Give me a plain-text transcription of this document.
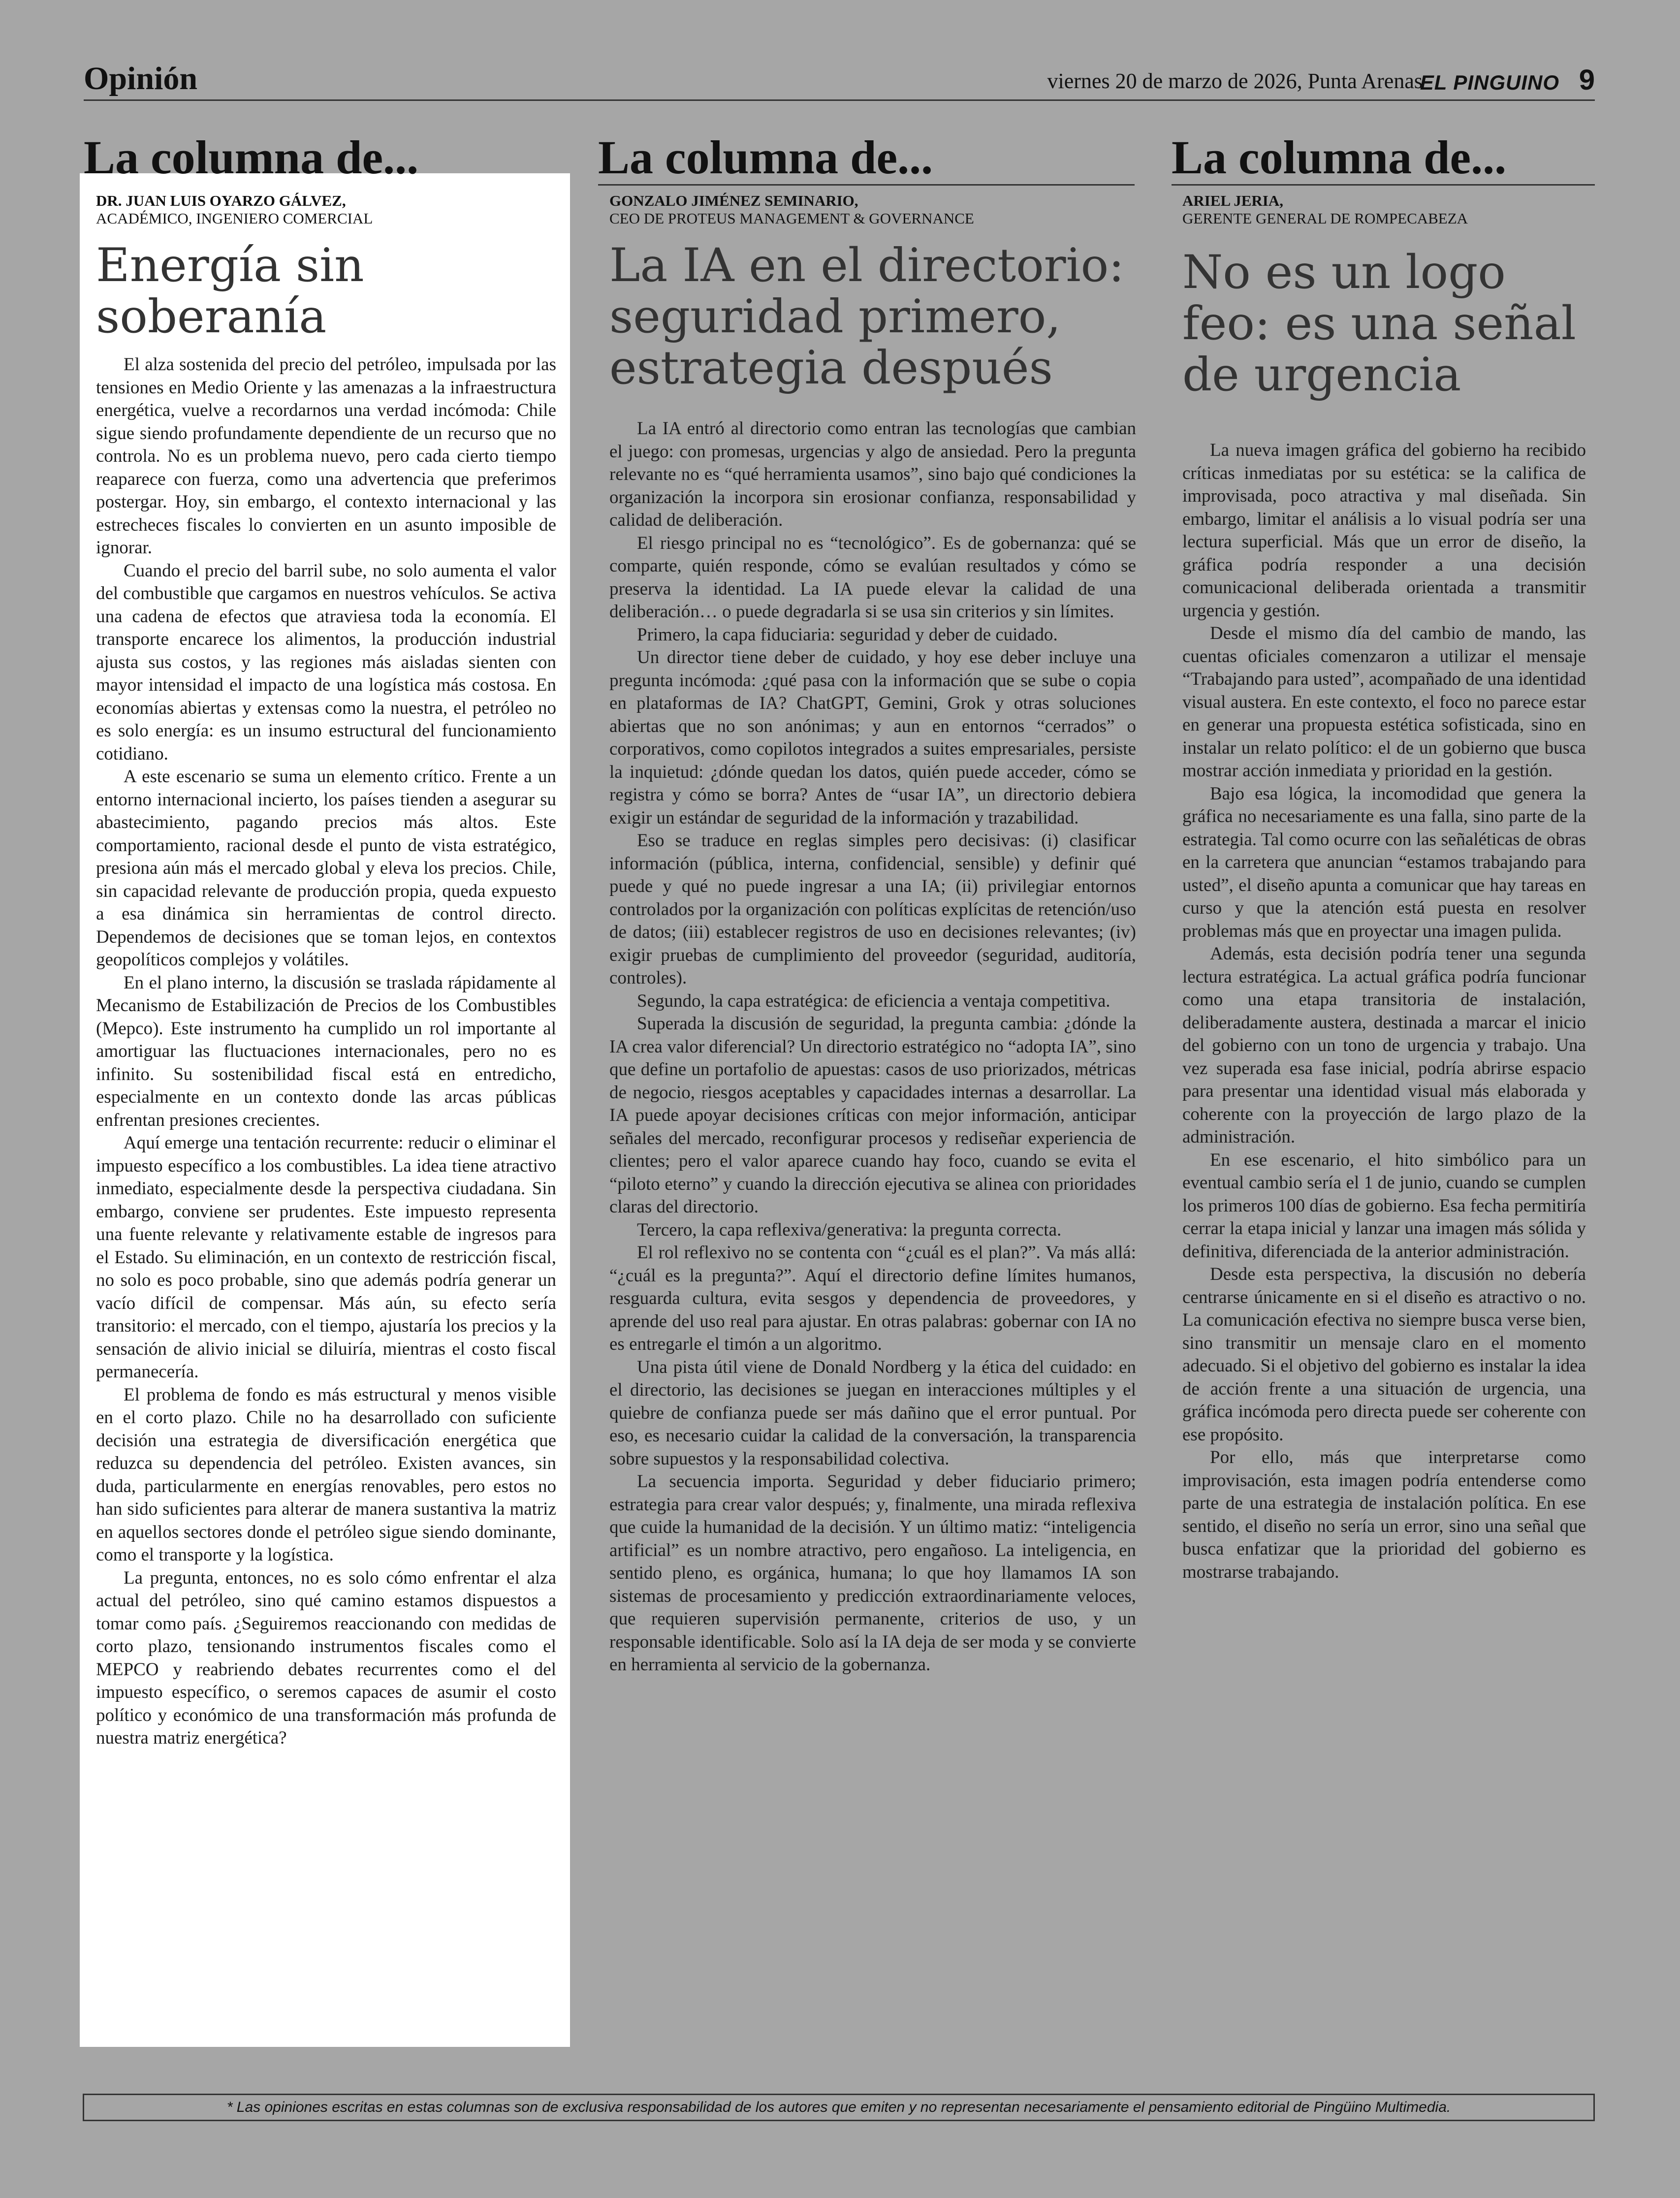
Opinión	viernes 20 de marzo de 2026, Punta Arenas
EL PINGUINO 9
La columna de...
DR. JUAN LUIS OYARZO GÁLVEZ,
ACADÉMICO, INGENIERO COMERCIAL
Energía sin soberanía

El alza sostenida del precio del petróleo, impulsada por las tensiones en Medio Oriente y las amenazas a la infraestructura energética, vuelve a recordarnos una verdad incómoda: Chile sigue siendo profundamente dependiente de un recurso que no controla. No es un problema nuevo, pero cada cierto tiempo reaparece con fuerza, como una advertencia que preferimos postergar. Hoy, sin embargo, el contexto internacional y las estrecheces fiscales lo convierten en un asunto imposible de ignorar.

Cuando el precio del barril sube, no solo aumenta el valor del combustible que cargamos en nuestros vehículos. Se activa una cadena de efectos que atraviesa toda la economía. El transporte encarece los alimentos, la producción industrial ajusta sus costos, y las regiones más aisladas sienten con mayor intensidad el impacto de una logística más costosa. En economías abiertas y extensas como la nuestra, el petróleo no es solo energía: es un insumo estructural del funcionamiento cotidiano.

A este escenario se suma un elemento crítico. Frente a un entorno internacional incierto, los países tienden a asegurar su abastecimiento, pagando precios más altos. Este comportamiento, racional desde el punto de vista estratégico, presiona aún más el mercado global y eleva los precios. Chile, sin capacidad relevante de producción propia, queda expuesto a esa dinámica sin herramientas de control directo. Dependemos de decisiones que se toman lejos, en contextos geopolíticos complejos y volátiles.

En el plano interno, la discusión se traslada rápidamente al Mecanismo de Estabilización de Precios de los Combustibles (Mepco). Este instrumento ha cumplido un rol importante al amortiguar las fluctuaciones internacionales, pero no es infinito. Su sostenibilidad fiscal está en entredicho, especialmente en un contexto donde las arcas públicas enfrentan presiones crecientes.

Aquí emerge una tentación recurrente: reducir o eliminar el impuesto específico a los combustibles. La idea tiene atractivo inmediato, especialmente desde la perspectiva ciudadana. Sin embargo, conviene ser prudentes. Este impuesto representa una fuente relevante y relativamente estable de ingresos para el Estado. Su eliminación, en un contexto de restricción fiscal, no solo es poco probable, sino que además podría generar un vacío difícil de compensar. Más aún, su efecto sería transitorio: el mercado, con el tiempo, ajustaría los precios y la sensación de alivio inicial se diluiría, mientras el costo fiscal permanecería.

El problema de fondo es más estructural y menos visible en el corto plazo. Chile no ha desarrollado con suficiente decisión una estrategia de diversificación energética que reduzca su dependencia del petróleo. Existen avances, sin duda, particularmente en energías renovables, pero estos no han sido suficientes para alterar de manera sustantiva la matriz en aquellos sectores donde el petróleo sigue siendo dominante, como el transporte y la logística.

La pregunta, entonces, no es solo cómo enfrentar el alza actual del petróleo, sino qué camino estamos dispuestos a tomar como país. ¿Seguiremos reaccionando con medidas de corto plazo, tensionando instrumentos fiscales como el MEPCO y reabriendo debates recurrentes como el del impuesto específico, o seremos capaces de asumir el costo político y económico de una transformación más profunda de nuestra matriz energética?

La columna de...
GONZALO JIMÉNEZ SEMINARIO,
CEO DE PROTEUS MANAGEMENT & GOVERNANCE
La IA en el directorio: seguridad primero, estrategia después

La IA entró al directorio como entran las tecnologías que cambian el juego: con promesas, urgencias y algo de ansiedad. Pero la pregunta relevante no es “qué herramienta usamos”, sino bajo qué condiciones la organización la incorpora sin erosionar confianza, responsabilidad y calidad de deliberación.

El riesgo principal no es “tecnológico”. Es de gobernanza: qué se comparte, quién responde, cómo se evalúan resultados y cómo se preserva la identidad. La IA puede elevar la calidad de una deliberación… o puede degradarla si se usa sin criterios y sin límites.

Primero, la capa fiduciaria: seguridad y deber de cuidado.

Un director tiene deber de cuidado, y hoy ese deber incluye una pregunta incómoda: ¿qué pasa con la información que se sube o copia en plataformas de IA? ChatGPT, Gemini, Grok y otras soluciones abiertas que no son anónimas; y aun en entornos “cerrados” o corporativos, como copilotos integrados a suites empresariales, persiste la inquietud: ¿dónde quedan los datos, quién puede acceder, cómo se registra y cómo se borra? Antes de “usar IA”, un directorio debiera exigir un estándar de seguridad de la información y trazabilidad.

Eso se traduce en reglas simples pero decisivas: (i) clasificar información (pública, interna, confidencial, sensible) y definir qué puede y qué no puede ingresar a una IA; (ii) privilegiar entornos controlados por la organización con políticas explícitas de retención/uso de datos; (iii) establecer registros de uso en decisiones relevantes; (iv) exigir pruebas de cumplimiento del proveedor (seguridad, auditoría, controles).

Segundo, la capa estratégica: de eficiencia a ventaja competitiva.

Superada la discusión de seguridad, la pregunta cambia: ¿dónde la IA crea valor diferencial? Un directorio estratégico no “adopta IA”, sino que define un portafolio de apuestas: casos de uso priorizados, métricas de negocio, riesgos aceptables y capacidades internas a desarrollar. La IA puede apoyar decisiones críticas con mejor información, anticipar señales del mercado, reconfigurar procesos y rediseñar experiencia de clientes; pero el valor aparece cuando hay foco, cuando se evita el “piloto eterno” y cuando la dirección ejecutiva se alinea con prioridades claras del directorio.

Tercero, la capa reflexiva/generativa: la pregunta correcta.

El rol reflexivo no se contenta con “¿cuál es el plan?”. Va más allá: “¿cuál es la pregunta?”. Aquí el directorio define límites humanos, resguarda cultura, evita sesgos y dependencia de proveedores, y aprende del uso real para ajustar. En otras palabras: gobernar con IA no es entregarle el timón a un algoritmo.

Una pista útil viene de Donald Nordberg y la ética del cuidado: en el directorio, las decisiones se juegan en interacciones múltiples y el quiebre de confianza puede ser más dañino que el error puntual. Por eso, es necesario cuidar la calidad de la conversación, la transparencia sobre supuestos y la responsabilidad colectiva.

La secuencia importa. Seguridad y deber fiduciario primero; estrategia para crear valor después; y, finalmente, una mirada reflexiva que cuide la humanidad de la decisión. Y un último matiz: “inteligencia artificial” es un nombre atractivo, pero engañoso. La inteligencia, en sentido pleno, es orgánica, humana; lo que hoy llamamos IA son sistemas de procesamiento y predicción extraordinariamente veloces, que requieren supervisión permanente, criterios de uso, y un responsable identificable. Solo así la IA deja de ser moda y se convierte en herramienta al servicio de la gobernanza.

La columna de...
ARIEL JERIA,
GERENTE GENERAL DE ROMPECABEZA
No es un logo feo: es una señal de urgencia

La nueva imagen gráfica del gobierno ha recibido críticas inmediatas por su estética: se la califica de improvisada, poco atractiva y mal diseñada. Sin embargo, limitar el análisis a lo visual podría ser una lectura superficial. Más que un error de diseño, la gráfica podría responder a una decisión comunicacional deliberada orientada a transmitir urgencia y gestión.

Desde el mismo día del cambio de mando, las cuentas oficiales comenzaron a utilizar el mensaje “Trabajando para usted”, acompañado de una identidad visual austera. En este contexto, el foco no parece estar en generar una propuesta estética sofisticada, sino en instalar un relato político: el de un gobierno que busca mostrar acción inmediata y prioridad en la gestión.

Bajo esa lógica, la incomodidad que genera la gráfica no necesariamente es una falla, sino parte de la estrategia. Tal como ocurre con las señaléticas de obras en la carretera que anuncian “estamos trabajando para usted”, el diseño apunta a comunicar que hay tareas en curso y que la atención está puesta en resolver problemas más que en proyectar una imagen pulida.

Además, esta decisión podría tener una segunda lectura estratégica. La actual gráfica podría funcionar como una etapa transitoria de instalación, deliberadamente austera, destinada a marcar el inicio del gobierno con un tono de urgencia y trabajo. Una vez superada esa fase inicial, podría abrirse espacio para presentar una identidad visual más elaborada y coherente con la proyección de largo plazo de la administración.

En ese escenario, el hito simbólico para un eventual cambio sería el 1 de junio, cuando se cumplen los primeros 100 días de gobierno. Esa fecha permitiría cerrar la etapa inicial y lanzar una imagen más sólida y definitiva, diferenciada de la anterior administración.

Desde esta perspectiva, la discusión no debería centrarse únicamente en si el diseño es atractivo o no. La comunicación efectiva no siempre busca verse bien, sino transmitir un mensaje claro en el momento adecuado. Si el objetivo del gobierno es instalar la idea de acción frente a una situación de urgencia, una gráfica incómoda pero directa puede ser coherente con ese propósito.

Por ello, más que interpretarse como improvisación, esta imagen podría entenderse como parte de una estrategia de instalación política. En ese sentido, el diseño no sería un error, sino una señal que busca enfatizar que la prioridad del gobierno es mostrarse trabajando.

* Las opiniones escritas en estas columnas son de exclusiva responsabilidad de los autores que emiten y no representan necesariamente el pensamiento editorial de Pingüino Multimedia.
